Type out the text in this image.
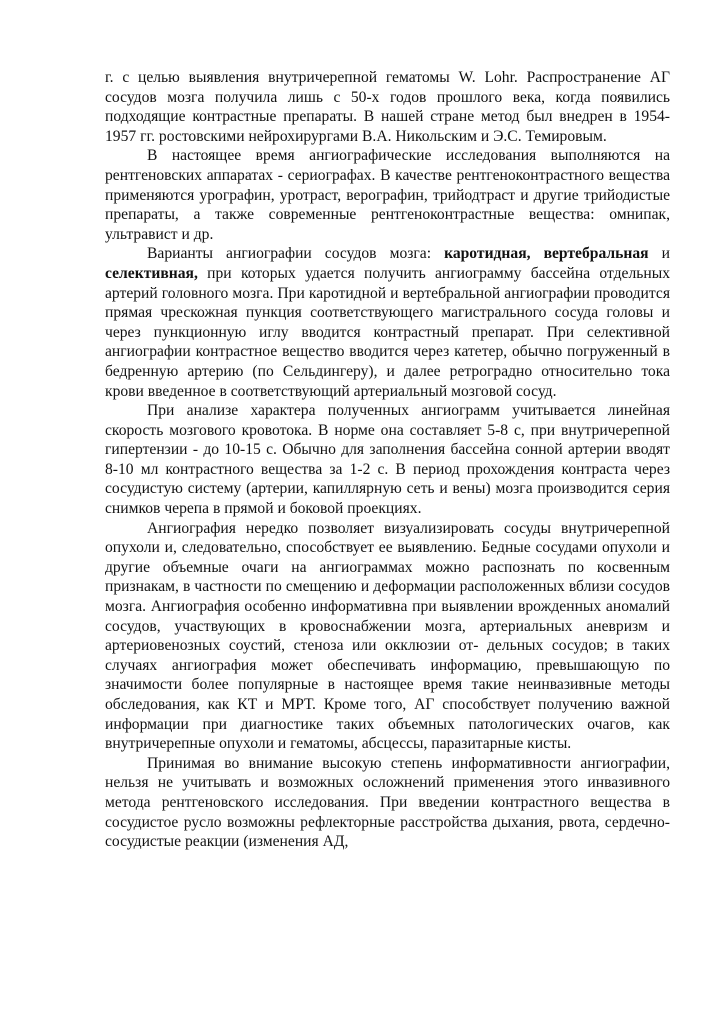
г. с целью выявления внутричерепной гематомы W. Lohr. Распространение АГ сосудов мозга получила лишь с 50-х годов прошлого века, когда появились подходящие контрастные препараты. В нашей стране метод был внедрен в 1954-1957 гг. ростовскими нейрохирургами В.А. Никольским и Э.С. Темировым.

В настоящее время ангиографические исследования выполняются на рентгеновских аппаратах - сериографах. В качестве рентгеноконтрастного вещества применяются урографин, уротраст, верографин, трийодтраст и другие трийодистые препараты, а также современные рентгеноконтрастные вещества: омнипак, ультравист и др.

Варианты ангиографии сосудов мозга: каротидная, вертебральная и селективная, при которых удается получить ангиограмму бассейна отдельных артерий головного мозга. При каротидной и вертебральной ангиографии проводится прямая чрескожная пункция соответствующего магистрального сосуда головы и через пункционную иглу вводится контрастный препарат. При селективной ангиографии контрастное вещество вводится через катетер, обычно погруженный в бедренную артерию (по Сельдингеру), и далее ретроградно относительно тока крови введенное в соответствующий артериальный мозговой сосуд.

При анализе характера полученных ангиограмм учитывается линейная скорость мозгового кровотока. В норме она составляет 5-8 с, при внутричерепной гипертензии - до 10-15 с. Обычно для заполнения бассейна сонной артерии вводят 8-10 мл контрастного вещества за 1-2 с. В период прохождения контраста через сосудистую систему (артерии, капиллярную сеть и вены) мозга производится серия снимков черепа в прямой и боковой проекциях.

Ангиография нередко позволяет визуализировать сосуды внутричерепной опухоли и, следовательно, способствует ее выявлению. Бедные сосудами опухоли и другие объемные очаги на ангиограммах можно распознать по косвенным признакам, в частности по смещению и деформации расположенных вблизи сосудов мозга. Ангиография особенно информативна при выявлении врожденных аномалий сосудов, участвующих в кровоснабжении мозга, артериальных аневризм и артериовенозных соустий, стеноза или окклюзии от- дельных сосудов; в таких случаях ангиография может обеспечивать информацию, превышающую по значимости более популярные в настоящее время такие неинвазивные методы обследования, как КТ и МРТ. Кроме того, АГ способствует получению важной информации при диагностике таких объемных патологических очагов, как внутричерепные опухоли и гематомы, абсцессы, паразитарные кисты.

Принимая во внимание высокую степень информативности ангиографии, нельзя не учитывать и возможных осложнений применения этого инвазивного метода рентгеновского исследования. При введении контрастного вещества в сосудистое русло возможны рефлекторные расстройства дыхания, рвота, сердечно-сосудистые реакции (изменения АД,
